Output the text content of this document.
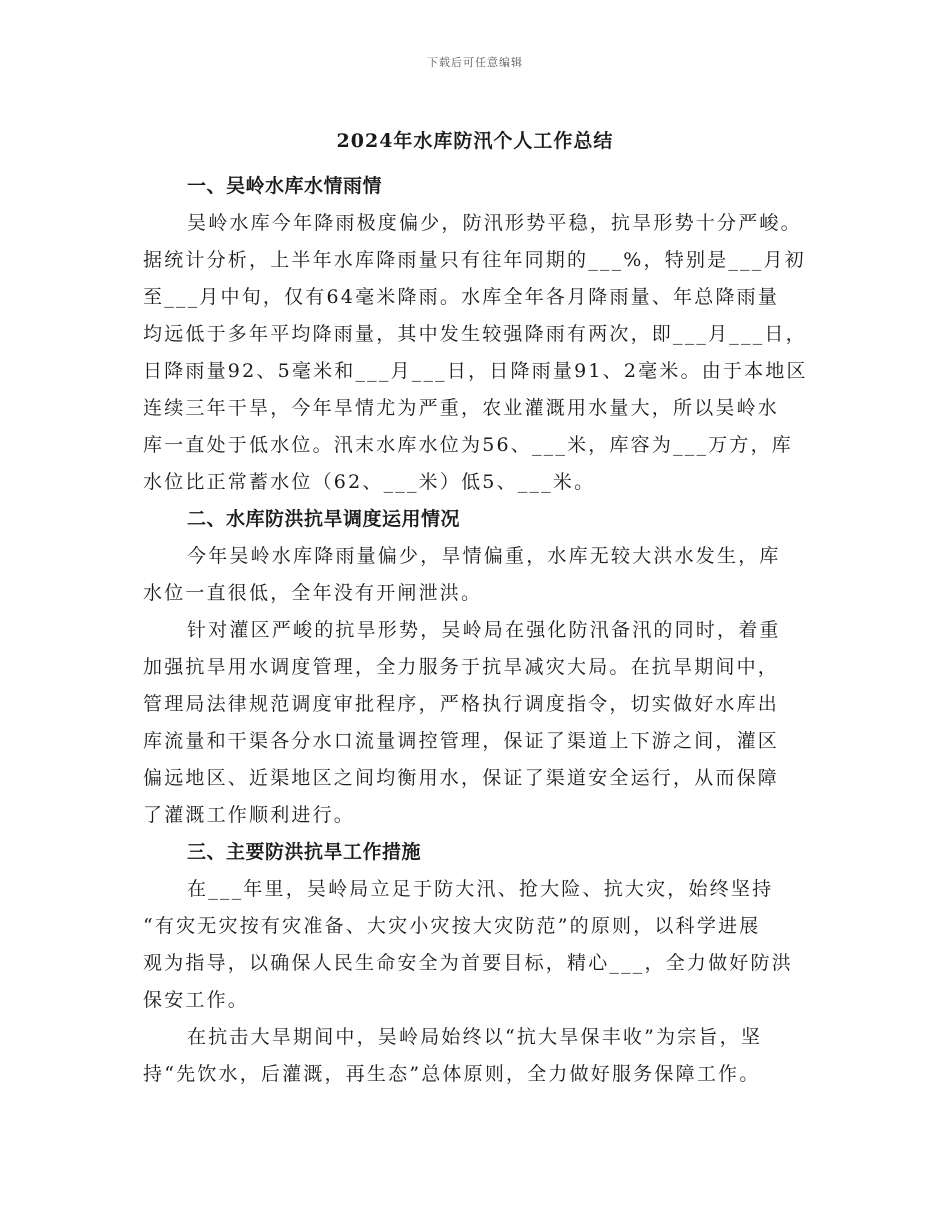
下载后可任意编辑
2024年水库防汛个人工作总结
一、吴岭水库水情雨情
吴岭水库今年降雨极度偏少，防汛形势平稳，抗旱形势十分严峻。
据统计分析，上半年水库降雨量只有往年同期的___%，特别是___月初
至___月中旬，仅有64毫米降雨。水库全年各月降雨量、年总降雨量
均远低于多年平均降雨量，其中发生较强降雨有两次，即___月___日，
日降雨量92、5毫米和___月___日，日降雨量91、2毫米。由于本地区
连续三年干旱，今年旱情尤为严重，农业灌溉用水量大，所以吴岭水
库一直处于低水位。汛末水库水位为56、___米，库容为___万方，库
水位比正常蓄水位（62、___米）低5、___米。
二、水库防洪抗旱调度运用情况
今年吴岭水库降雨量偏少，旱情偏重，水库无较大洪水发生，库
水位一直很低，全年没有开闸泄洪。
针对灌区严峻的抗旱形势，吴岭局在强化防汛备汛的同时，着重
加强抗旱用水调度管理，全力服务于抗旱减灾大局。在抗旱期间中，
管理局法律规范调度审批程序，严格执行调度指令，切实做好水库出
库流量和干渠各分水口流量调控管理，保证了渠道上下游之间，灌区
偏远地区、近渠地区之间均衡用水，保证了渠道安全运行，从而保障
了灌溉工作顺利进行。
三、主要防洪抗旱工作措施
在___年里，吴岭局立足于防大汛、抢大险、抗大灾，始终坚持
“有灾无灾按有灾准备、大灾小灾按大灾防范”的原则，以科学进展
观为指导，以确保人民生命安全为首要目标，精心___，全力做好防洪
保安工作。
在抗击大旱期间中，吴岭局始终以“抗大旱保丰收”为宗旨，坚
持“先饮水，后灌溉，再生态”总体原则，全力做好服务保障工作。
